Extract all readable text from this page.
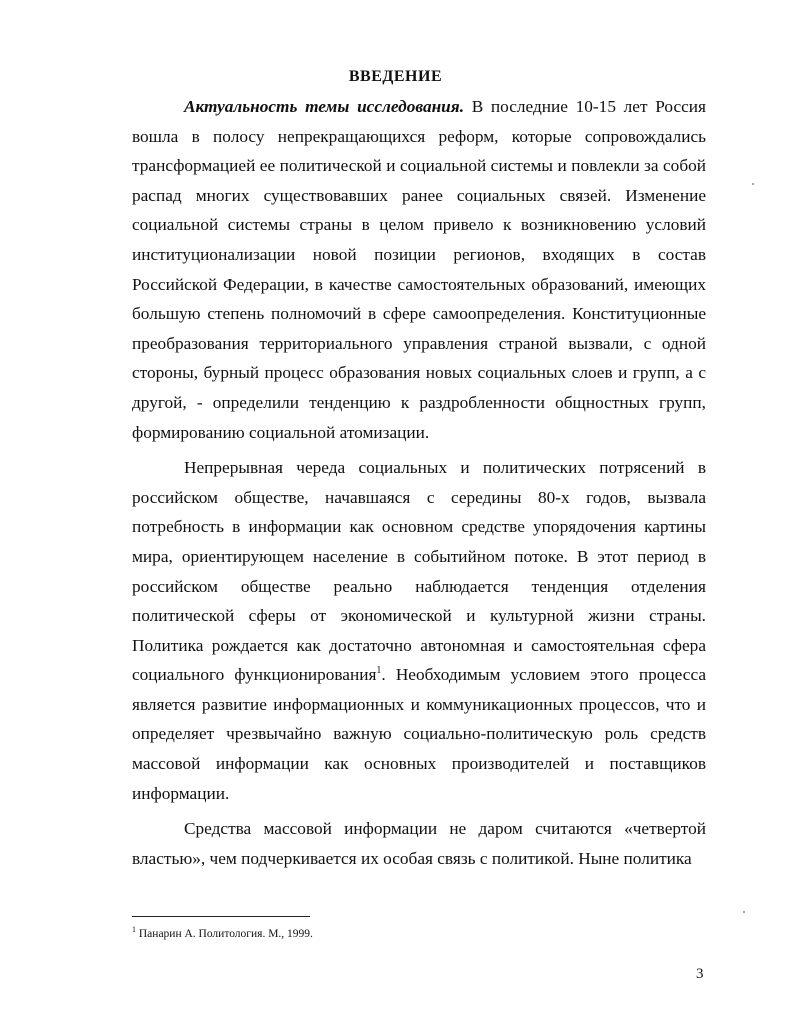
ВВЕДЕНИЕ

Актуальность темы исследования. В последние 10-15 лет Россия вошла в полосу непрекращающихся реформ, которые сопровождались трансформацией ее политической и социальной системы и повлекли за собой распад многих существовавших ранее социальных связей. Изменение социальной системы страны в целом привело к возникновению условий институционализации новой позиции регионов, входящих в состав Российской Федерации, в качестве самостоятельных образований, имеющих большую степень полномочий в сфере самоопределения. Конституционные преобразования территориального управления страной вызвали, с одной стороны, бурный процесс образования новых социальных слоев и групп, а с другой, - определили тенденцию к раздробленности общностных групп, формированию социальной атомизации.

Непрерывная череда социальных и политических потрясений в российском обществе, начавшаяся с середины 80-х годов, вызвала потребность в информации как основном средстве упорядочения картины мира, ориентирующем население в событийном потоке. В этот период в российском обществе реально наблюдается тенденция отделения политической сферы от экономической и культурной жизни страны. Политика рождается как достаточно автономная и самостоятельная сфера социального функционирования$^1$. Необходимым условием этого процесса является развитие информационных и коммуникационных процессов, что и определяет чрезвычайно важную социально-политическую роль средств массовой информации как основных производителей и поставщиков информации.

Средства массовой информации не даром считаются «четвертой властью», чем подчеркивается их особая связь с политикой. Ныне политика

$^1$ Панарин А. Политология. М., 1999.
3
